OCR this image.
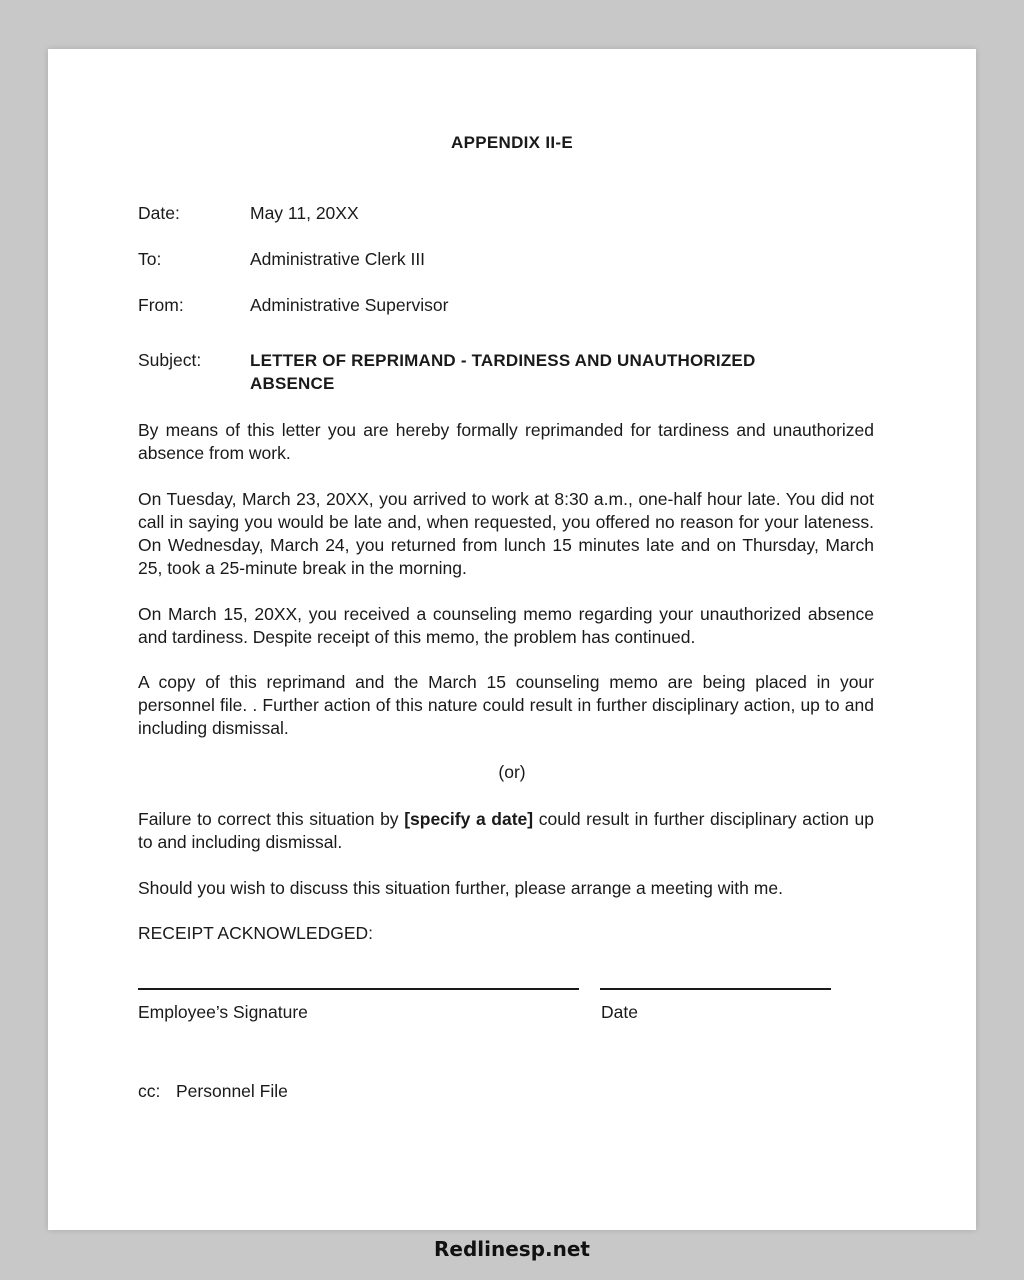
APPENDIX II-E
Date:	May 11, 20XX
To:	Administrative Clerk III
From:	Administrative Supervisor
Subject:	LETTER OF REPRIMAND - TARDINESS AND UNAUTHORIZED
ABSENCE
By means of this letter you are hereby formally reprimanded for tardiness and unauthorized absence from work.
On Tuesday, March 23, 20XX, you arrived to work at 8:30 a.m., one-half hour late. You did not call in saying you would be late and, when requested, you offered no reason for your lateness. On Wednesday, March 24, you returned from lunch 15 minutes late and on Thursday, March 25, took a 25-minute break in the morning.
On March 15, 20XX, you received a counseling memo regarding your unauthorized absence and tardiness. Despite receipt of this memo, the problem has continued.
A copy of this reprimand and the March 15 counseling memo are being placed in your personnel file. . Further action of this nature could result in further disciplinary action, up to and including dismissal.
(or)
Failure to correct this situation by [specify a date] could result in further disciplinary action up to and including dismissal.
Should you wish to discuss this situation further, please arrange a meeting with me.
RECEIPT ACKNOWLEDGED:
Employee’s Signature	Date
cc: Personnel File
Redlinesp.net
